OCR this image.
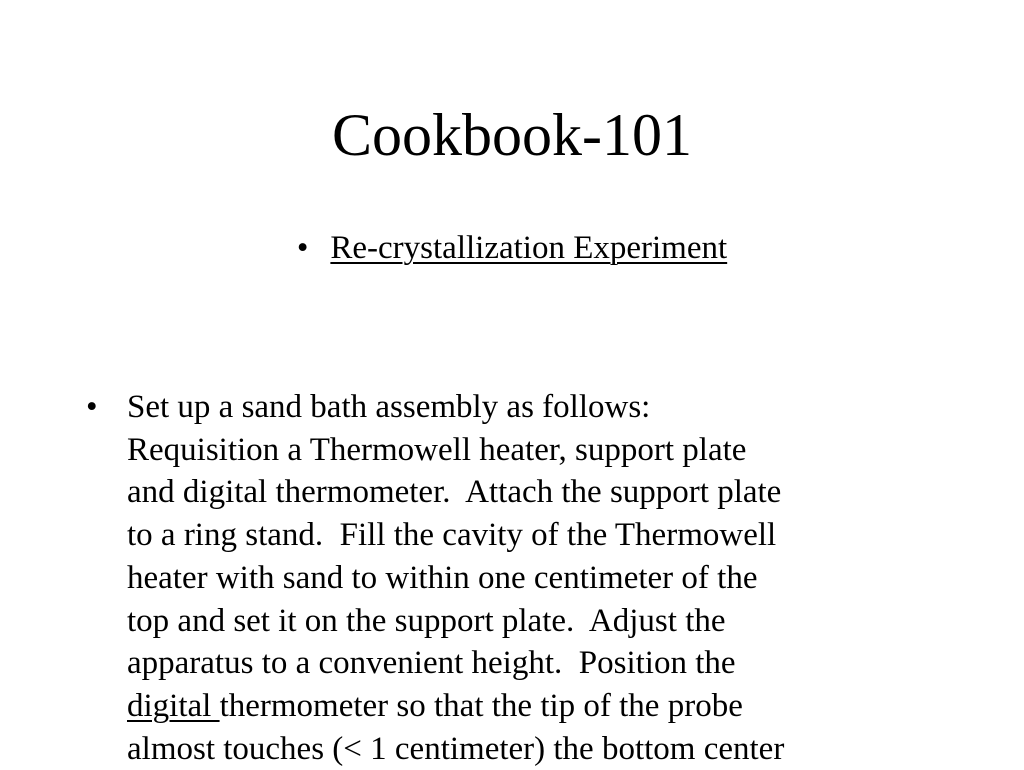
Cookbook-101
• Re-crystallization Experiment
• Set up a sand bath assembly as follows:
Requisition a Thermowell heater, support plate
and digital thermometer.  Attach the support plate
to a ring stand.  Fill the cavity of the Thermowell
heater with sand to within one centimeter of the
top and set it on the support plate.  Adjust the
apparatus to a convenient height.  Position the
digital thermometer so that the tip of the probe
almost touches (< 1 centimeter) the bottom center
